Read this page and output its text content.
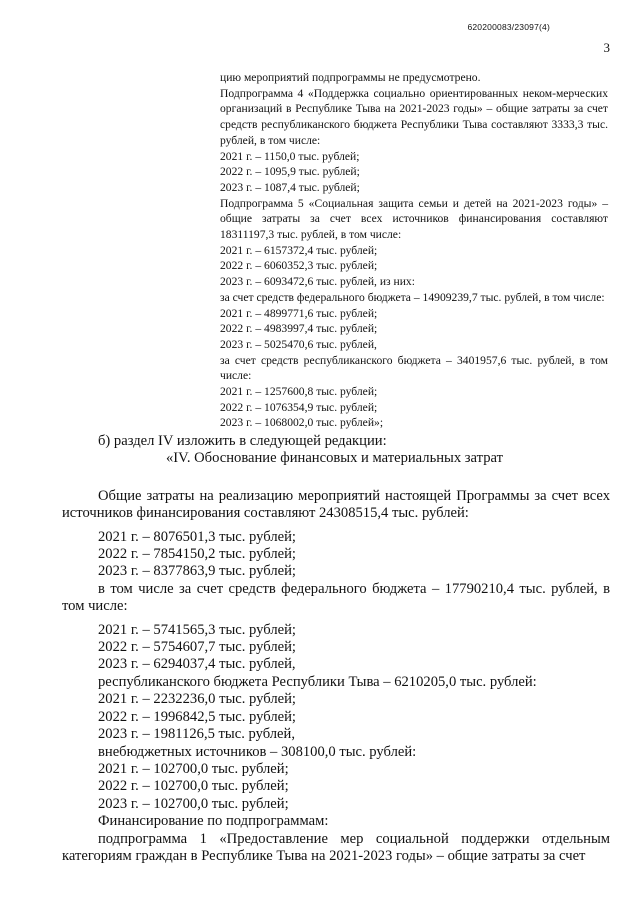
620200083/23097(4)
3

цию мероприятий подпрограммы не предусмотрено.

Подпрограмма 4 «Поддержка социально ориентированных неком-мерческих организаций в Республике Тыва на 2021-2023 годы» – общие затраты за счет средств республиканского бюджета Республики Тыва составляют 3333,3 тыс. рублей, в том числе:

2021 г. – 1150,0 тыс. рублей;

2022 г. – 1095,9 тыс. рублей;

2023 г. – 1087,4 тыс. рублей;

Подпрограмма 5 «Социальная защита семьи и детей на 2021-2023 годы» – общие затраты за счет всех источников финансирования составляют 18311197,3 тыс. рублей, в том числе:

2021 г. – 6157372,4 тыс. рублей;

2022 г. – 6060352,3 тыс. рублей;

2023 г. – 6093472,6 тыс. рублей, из них:

за счет средств федерального бюджета – 14909239,7 тыс. рублей, в том числе:

2021 г. – 4899771,6 тыс. рублей;

2022 г. – 4983997,4 тыс. рублей;

2023 г. – 5025470,6 тыс. рублей,

за счет средств республиканского бюджета – 3401957,6 тыс. рублей, в том числе:

2021 г. – 1257600,8 тыс. рублей;

2022 г. – 1076354,9 тыс. рублей;

2023 г. – 1068002,0 тыс. рублей»;

б) раздел IV изложить в следующей редакции:

«IV. Обоснование финансовых и материальных затрат

Общие затраты на реализацию мероприятий настоящей Программы за счет всех источников финансирования составляют 24308515,4 тыс. рублей:

2021 г. – 8076501,3 тыс. рублей;

2022 г. – 7854150,2 тыс. рублей;

2023 г. – 8377863,9 тыс. рублей;

в том числе за счет средств федерального бюджета – 17790210,4 тыс. рублей, в том числе:

2021 г. – 5741565,3 тыс. рублей;

2022 г. – 5754607,7 тыс. рублей;

2023 г. – 6294037,4 тыс. рублей,

республиканского бюджета Республики Тыва – 6210205,0 тыс. рублей:

2021 г. – 2232236,0 тыс. рублей;

2022 г. – 1996842,5 тыс. рублей;

2023 г. – 1981126,5 тыс. рублей,

внебюджетных источников – 308100,0 тыс. рублей:

2021 г. – 102700,0 тыс. рублей;

2022 г. – 102700,0 тыс. рублей;

2023 г. – 102700,0 тыс. рублей;

Финансирование по подпрограммам:

подпрограмма 1 «Предоставление мер социальной поддержки отдельным категориям граждан в Республике Тыва на 2021-2023 годы» – общие затраты за счет
